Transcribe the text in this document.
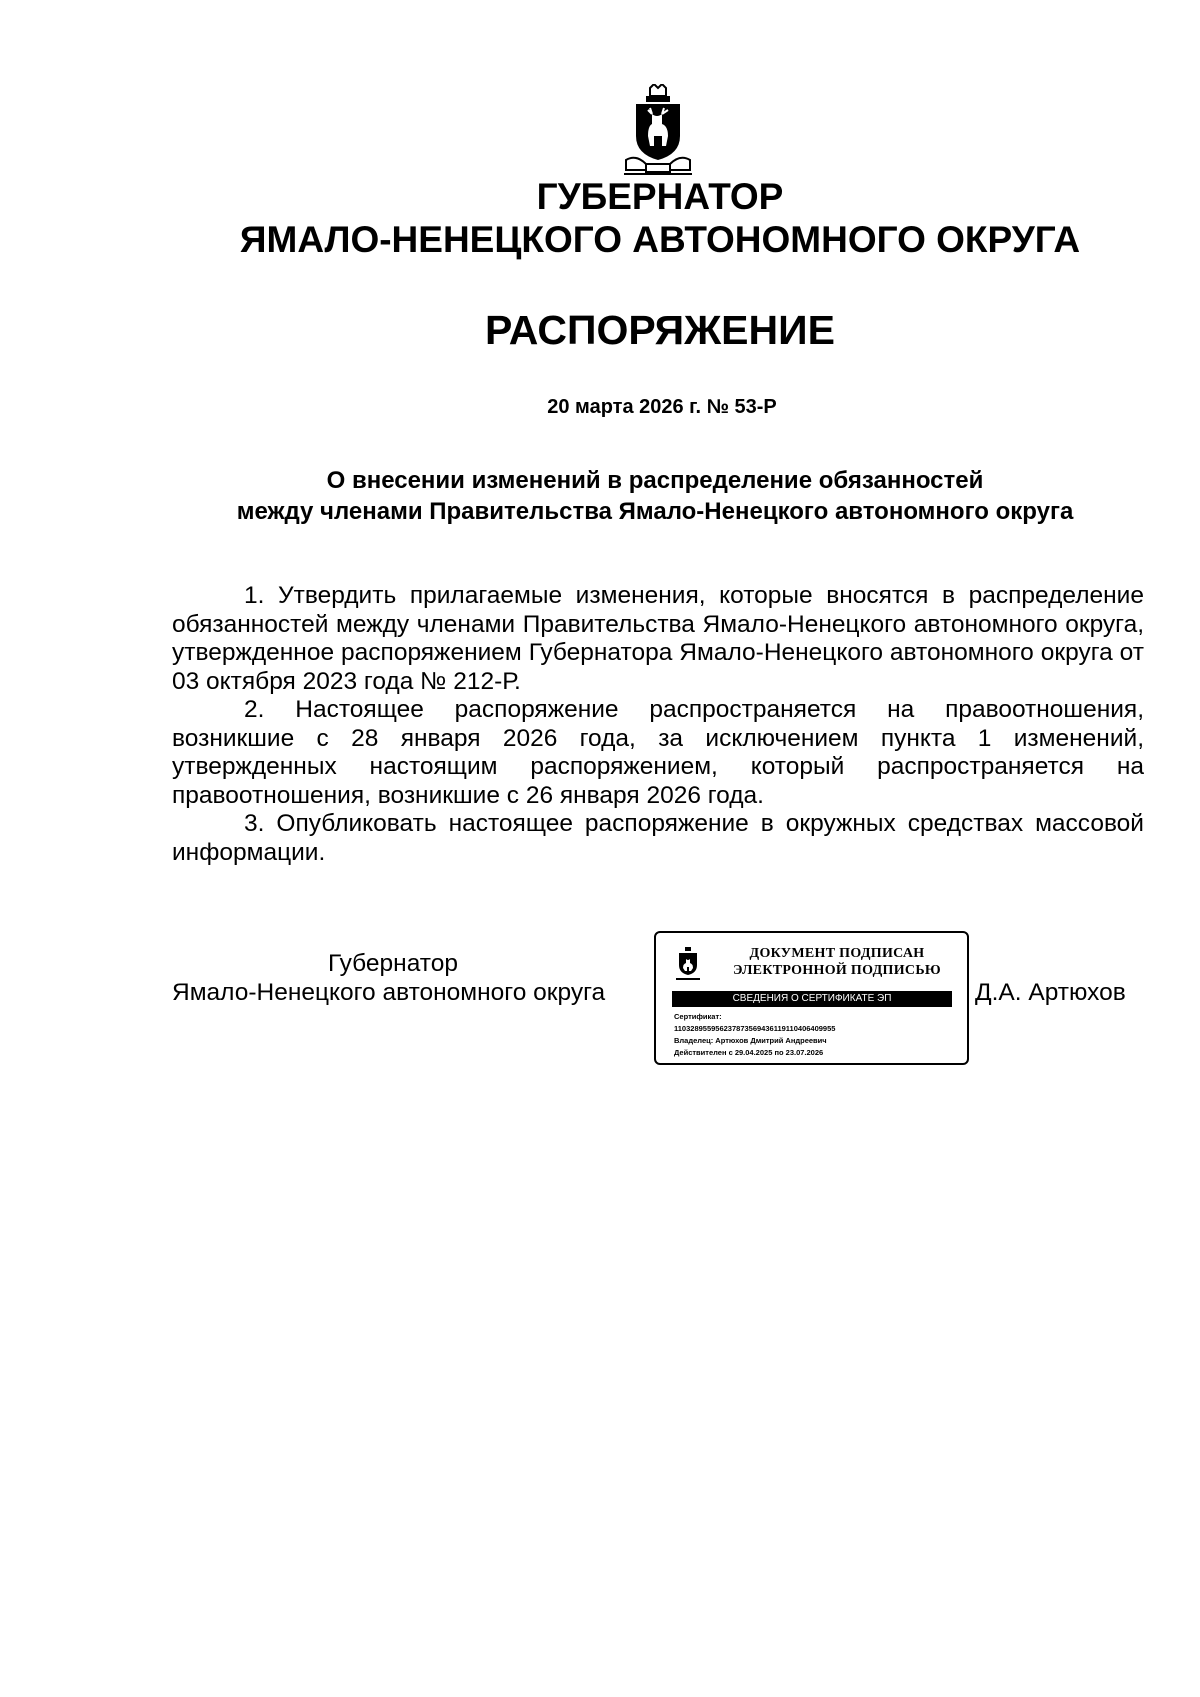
ГУБЕРНАТОР
ЯМАЛО-НЕНЕЦКОГО АВТОНОМНОГО ОКРУГА
РАСПОРЯЖЕНИЕ
20 марта 2026 г. № 53-Р
О внесении изменений в распределение обязанностей
между членами Правительства Ямало-Ненецкого автономного округа

1. Утвердить прилагаемые изменения, которые вносятся в распределение обязанностей между членами Правительства Ямало-Ненецкого автономного округа, утвержденное распоряжением Губернатора Ямало-Ненецкого автономного округа от 03 октября 2023 года № 212-Р.

2. Настоящее распоряжение распространяется на правоотношения, возникшие с 28 января 2026 года, за исключением пункта 1 изменений, утвержденных настоящим распоряжением, который распространяется на правоотношения, возникшие с 26 января 2026 года.

3. Опубликовать настоящее распоряжение в окружных средствах массовой информации.

Губернатор
Ямало-Ненецкого автономного округа
ДОКУМЕНТ ПОДПИСАН
ЭЛЕКТРОННОЙ ПОДПИСЬЮ
СВЕДЕНИЯ О СЕРТИФИКАТЕ ЭП
Сертификат:
110328955956237873569436119110406409955
Владелец: Артюхов Дмитрий Андреевич
Действителен с 29.04.2025 по 23.07.2026
Д.А. Артюхов
